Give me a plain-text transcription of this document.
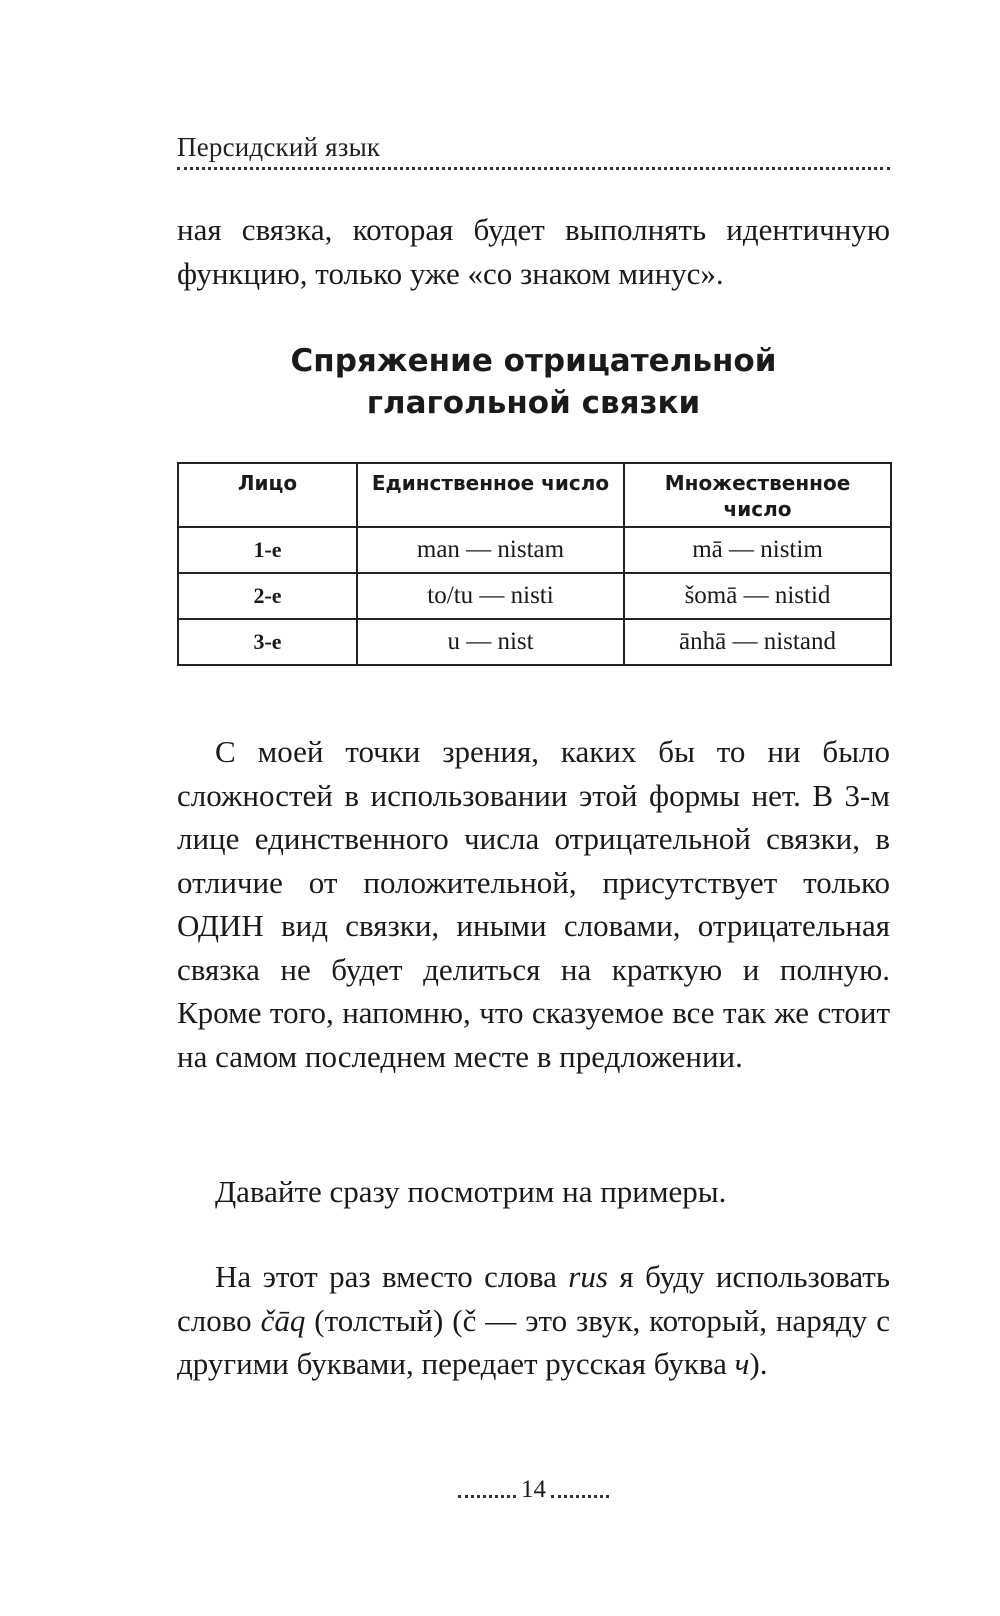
Персидский язык

ная связка, которая будет выполнять идентичную функцию, только уже «со знаком минус».

Спряжение отрицательной
глагольной связки
Лицо	Единственное число	Множественное число
1-е	man — nistam	mā — nistim
2-е	to/tu — nisti	šomā — nistid
3-е	u — nist	ānhā — nistand

С моей точки зрения, каких бы то ни было сложностей в использовании этой формы нет. В 3-м лице единственного числа отрицательной связки, в отличие от положительной, присутствует только ОДИН вид связки, иными словами, отрицательная связка не будет делиться на краткую и полную. Кроме того, напомню, что сказуемое все так же стоит на самом последнем месте в предложении.

Давайте сразу посмотрим на примеры.

На этот раз вместо слова rus я буду использовать слово čāq (толстый) (č — это звук, который, наряду с другими буквами, передает русская буква ч).

14
